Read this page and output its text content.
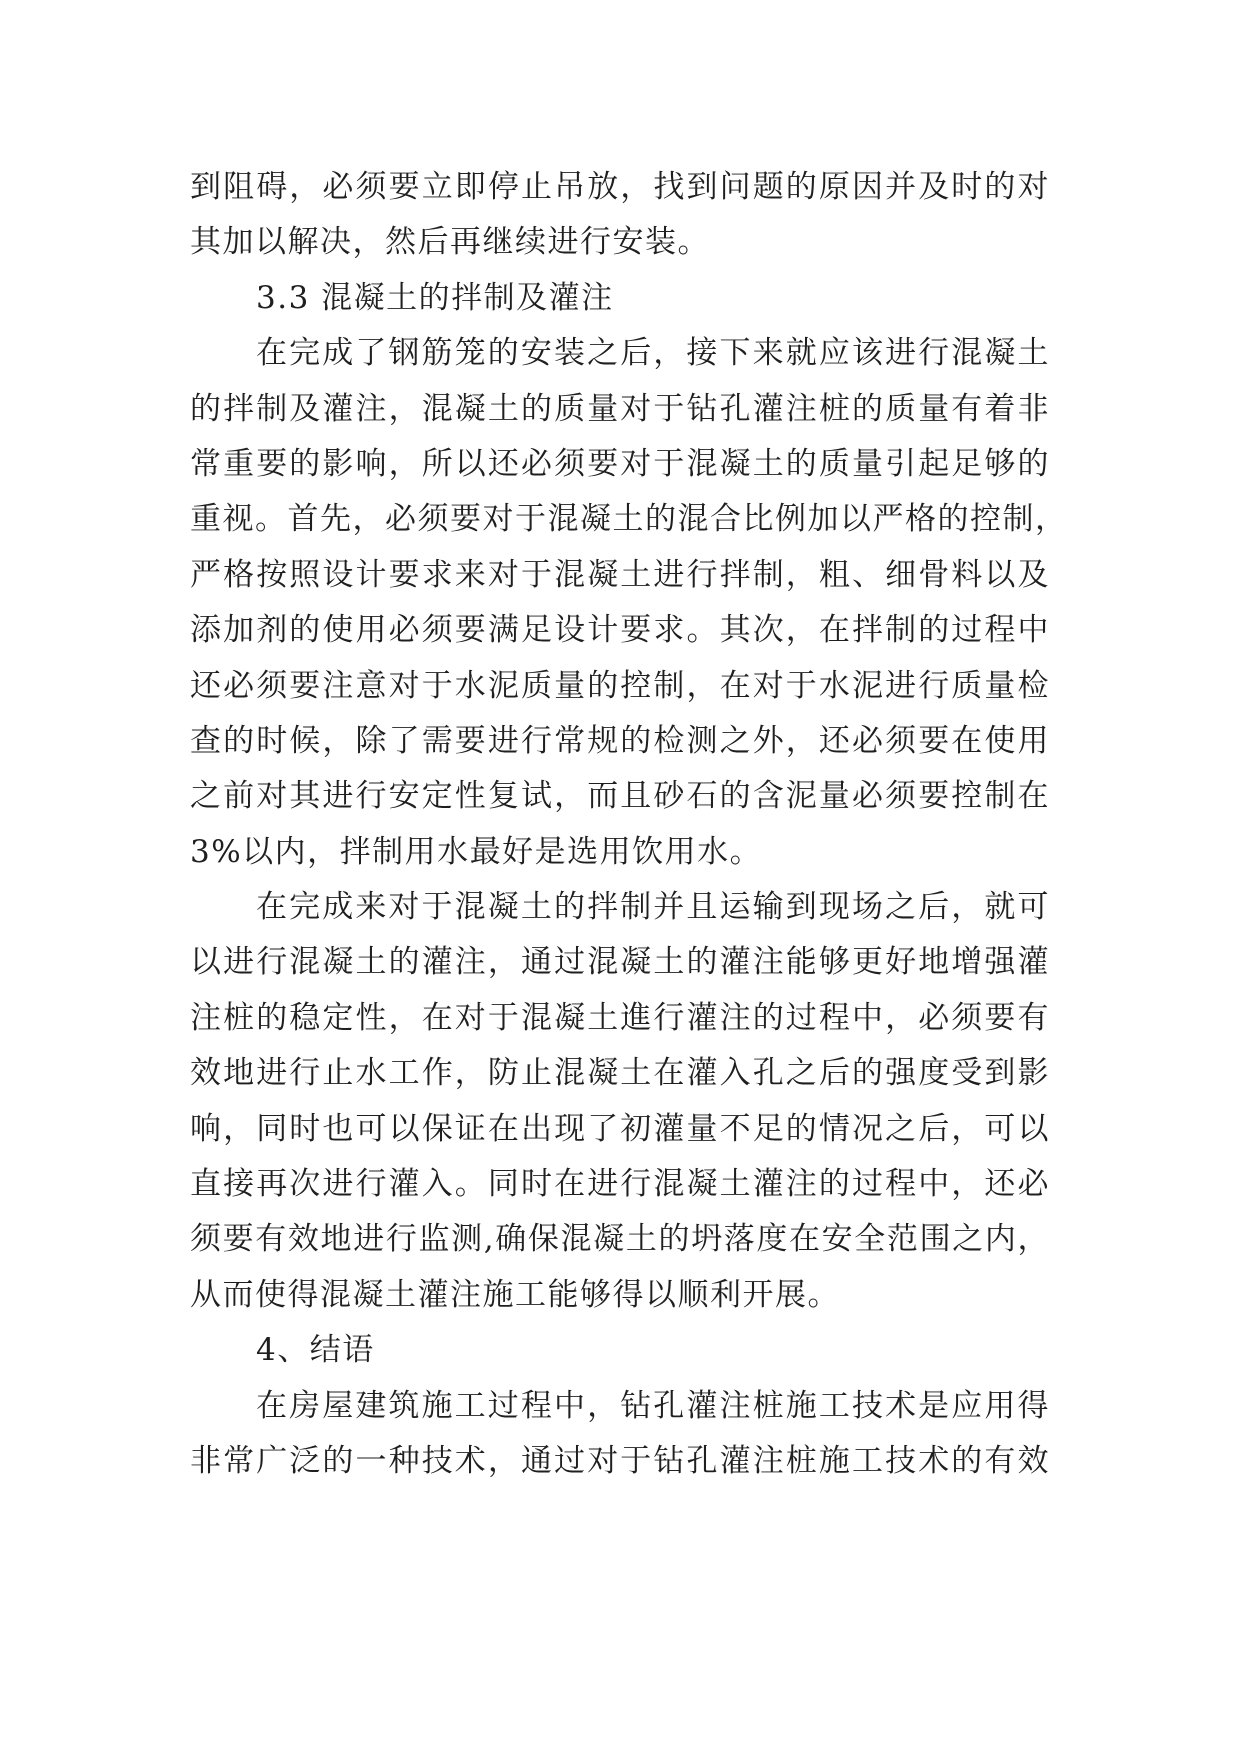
到阻碍，必须要立即停止吊放，找到问题的原因并及时的对
其加以解决，然后再继续进行安装。
3.3 混凝土的拌制及灌注
在完成了钢筋笼的安装之后，接下来就应该进行混凝土
的拌制及灌注，混凝土的质量对于钻孔灌注桩的质量有着非
常重要的影响，所以还必须要对于混凝土的质量引起足够的
重视。首先，必须要对于混凝土的混合比例加以严格的控制，
严格按照设计要求来对于混凝土进行拌制，粗、细骨料以及
添加剂的使用必须要满足设计要求。其次，在拌制的过程中
还必须要注意对于水泥质量的控制，在对于水泥进行质量检
查的时候，除了需要进行常规的检测之外，还必须要在使用
之前对其进行安定性复试，而且砂石的含泥量必须要控制在
3%以内，拌制用水最好是选用饮用水。
在完成来对于混凝土的拌制并且运输到现场之后，就可
以进行混凝土的灌注，通过混凝土的灌注能够更好地增强灌
注桩的稳定性，在对于混凝土進行灌注的过程中，必须要有
效地进行止水工作，防止混凝土在灌入孔之后的强度受到影
响，同时也可以保证在出现了初灌量不足的情况之后，可以
直接再次进行灌入。同时在进行混凝土灌注的过程中，还必
须要有效地进行监测,确保混凝土的坍落度在安全范围之内，
从而使得混凝土灌注施工能够得以顺利开展。
4、结语
在房屋建筑施工过程中，钻孔灌注桩施工技术是应用得
非常广泛的一种技术，通过对于钻孔灌注桩施工技术的有效
